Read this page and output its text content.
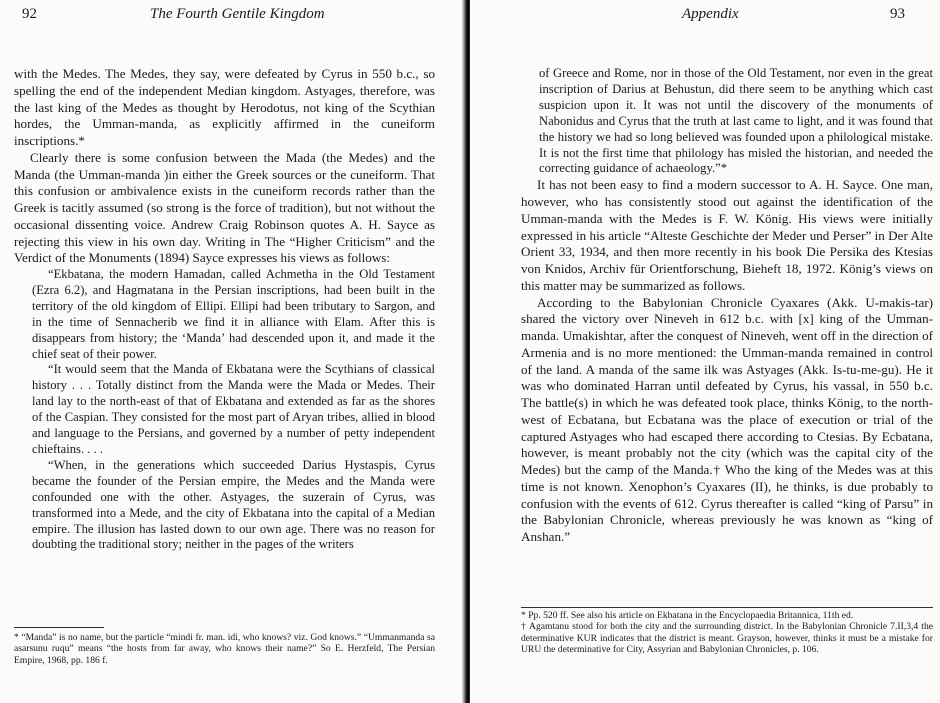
92	The Fourth Gentile Kingdom

with the Medes. The Medes, they say, were defeated by Cyrus in 550 b.c., so spelling the end of the independent Median kingdom. Astyages, therefore, was the last king of the Medes as thought by Herodotus, not king of the Scythian hordes, the Umman-manda, as explicitly affirmed in the cuneiform inscriptions.*

Clearly there is some confusion between the Mada (the Medes) and the Manda (the Umman-manda )in either the Greek sources or the cuneiform. That this confusion or ambivalence exists in the cuneiform records rather than the Greek is tacitly assumed (so strong is the force of tradition), but not without the occasional dissenting voice. Andrew Craig Robinson quotes A. H. Sayce as rejecting this view in his own day. Writing in The “Higher Criticism” and the Verdict of the Monuments (1894) Sayce expresses his views as follows:

“Ekbatana, the modern Hamadan, called Achmetha in the Old Testament (Ezra 6.2), and Hagmatana in the Persian inscriptions, had been built in the territory of the old kingdom of Ellipi. Ellipi had been tributary to Sargon, and in the time of Sennacherib we find it in alliance with Elam. After this is disappears from history; the ‘Manda’ had descended upon it, and made it the chief seat of their power.

“It would seem that the Manda of Ekbatana were the Scythians of classical history . . . Totally distinct from the Manda were the Mada or Medes. Their land lay to the north-east of that of Ekbatana and extended as far as the shores of the Caspian. They consisted for the most part of Aryan tribes, allied in blood and language to the Persians, and governed by a number of petty independent chieftains. . . .

“When, in the generations which succeeded Darius Hystaspis, Cyrus became the founder of the Persian empire, the Medes and the Manda were confounded one with the other. Astyages, the suzerain of Cyrus, was transformed into a Mede, and the city of Ekbatana into the capital of a Median empire. The illusion has lasted down to our own age. There was no reason for doubting the traditional story; neither in the pages of the writers

* “Manda” is no name, but the particle “mindi fr. man. idi, who knows? viz. God knows.” “Ummanmanda sa asarsunu ruqu” means “the hosts from far away, who knows their name?” So E. Herzfeld, The Persian Empire, 1968, pp. 186 f.
Appendix	93

of Greece and Rome, nor in those of the Old Testament, nor even in the great inscription of Darius at Behustun, did there seem to be anything which cast suspicion upon it. It was not until the discovery of the monuments of Nabonidus and Cyrus that the truth at last came to light, and it was found that the history we had so long believed was founded upon a philological mistake. It is not the first time that philology has misled the historian, and needed the correcting guidance of achaeology.”*

It has not been easy to find a modern successor to A. H. Sayce. One man, however, who has consistently stood out against the identification of the Umman-manda with the Medes is F. W. König. His views were initially expressed in his article “Alteste Geschichte der Meder und Perser” in Der Alte Orient 33, 1934, and then more recently in his book Die Persika des Ktesias von Knidos, Archiv für Orientforschung, Bieheft 18, 1972. König’s views on this matter may be summarized as follows.

According to the Babylonian Chronicle Cyaxares (Akk. U-makis-tar) shared the victory over Nineveh in 612 b.c. with [x] king of the Umman-manda. Umakishtar, after the conquest of Nineveh, went off in the direction of Armenia and is no more mentioned: the Umman-manda remained in control of the land. A manda of the same ilk was Astyages (Akk. Is-tu-me-gu). He it was who dominated Harran until defeated by Cyrus, his vassal, in 550 b.c. The battle(s) in which he was defeated took place, thinks König, to the north-west of Ecbatana, but Ecbatana was the place of execution or trial of the captured Astyages who had escaped there according to Ctesias. By Ecbatana, however, is meant probably not the city (which was the capital city of the Medes) but the camp of the Manda.† Who the king of the Medes was at this time is not known. Xenophon’s Cyaxares (II), he thinks, is due probably to confusion with the events of 612. Cyrus thereafter is called “king of Parsu” in the Babylonian Chronicle, whereas previously he was known as “king of Anshan.”

* Pp. 520 ff. See also his article on Ekbatana in the Encyclopaedia Britannica, 11th ed.
† Agamtanu stood for both the city and the surrounding district. In the Babylonian Chronicle 7.II,3,4 the determinative KUR indicates that the district is meant. Grayson, however, thinks it must be a mistake for URU the determinative for City, Assyrian and Babylonian Chronicles, p. 106.
